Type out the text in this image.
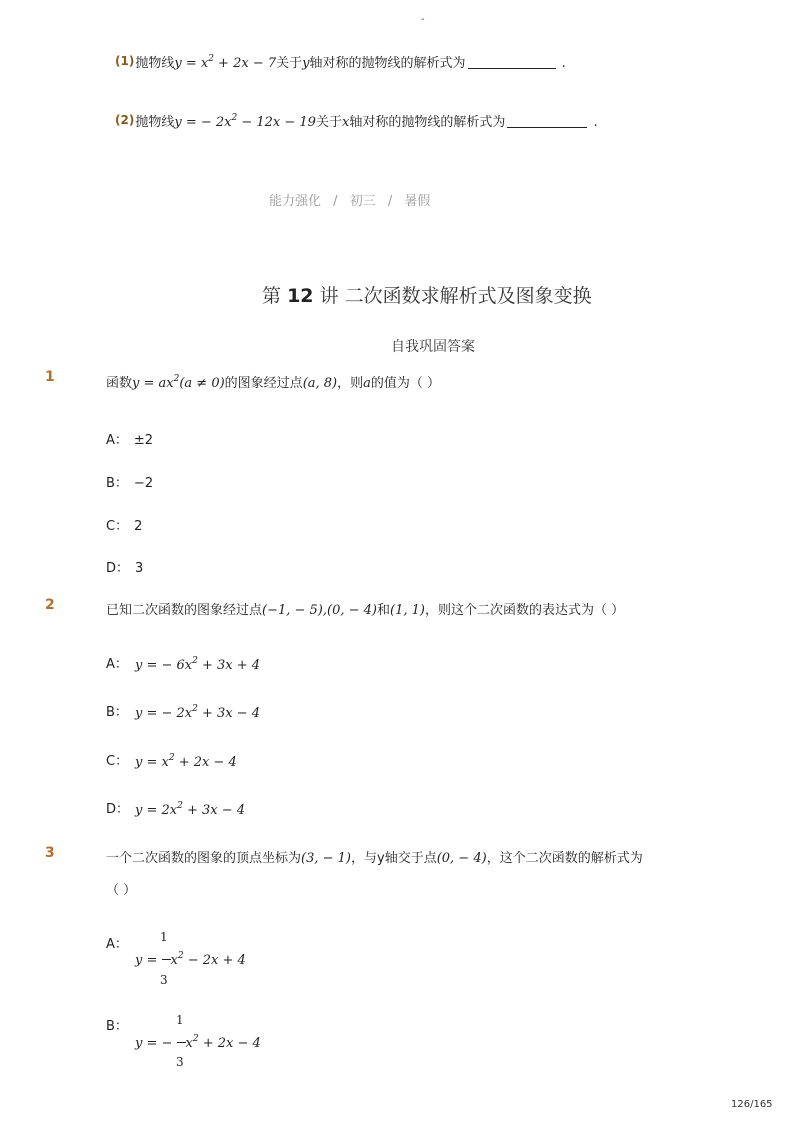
-
(1)抛物线$y = x^2 + 2x - 7$关于y轴对称的抛物线的解析式为	.
(2)抛物线y = − $2x^2 - 12x - 19$关于x轴对称的抛物线的解析式为	.
能力强化 / 初三 / 暑假
第 12 讲 二次函数求解析式及图象变换
自我巩固答案
1	函数$y = ax^2(a \ne 0)$的图象经过点(a, 8)，则a的值为（ ）
A： ±2
B： −2
C： 2
D： 3
2	已知二次函数的图象经过点(−1, − 5),(0, − 4)和(1, 1)，则这个二次函数的表达式为（ ）
A： y = − $6x^2 + 3x + 4$
B： y = − $2x^2 + 3x - 4$
C： $y = x^2 + 2x - 4$
D： $y = 2x^2 + 3x - 4$
3	一个二次函数的图象的顶点坐标为(3, − 1)，与y轴交于点(0, − 4)，这个二次函数的解析式为
（ ）
A：	1
$y = x^2 - 2x + 4$
3
B：	1
y = − $x^2 + 2x - 4$
3
126/165
